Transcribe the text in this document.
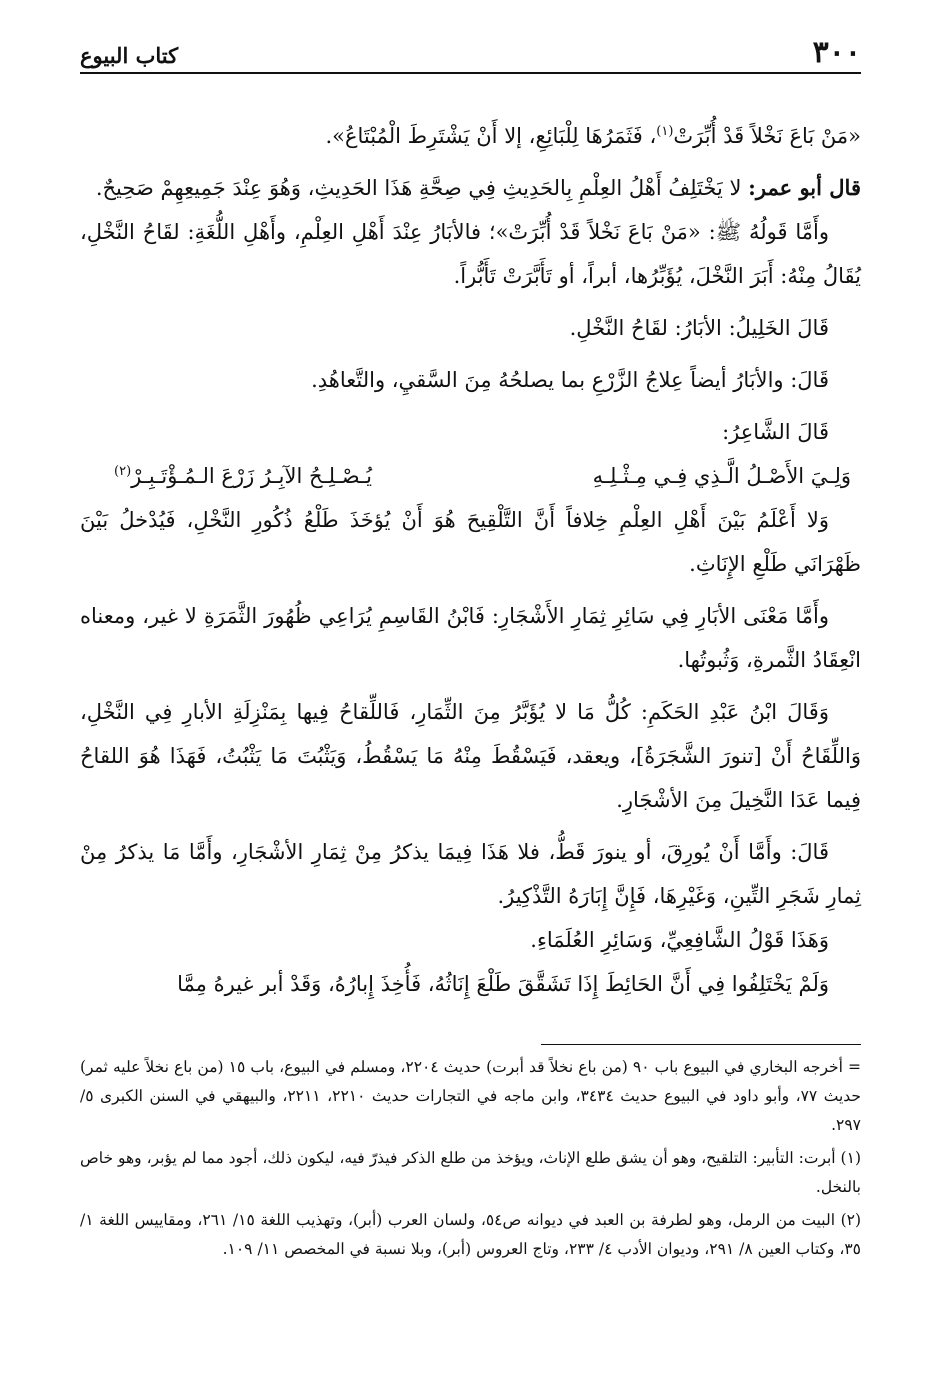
٣٠٠
كتاب البيوع

«مَنْ بَاعَ نَخْلاً قَدْ أُبِّرَتْ$^{(١)}$، فَثَمَرُهَا لِلْبَائِعِ، إلا أَنْ يَشْتَرِطَ الْمُبْتَاعُ».

قال أبو عمر: لا يَخْتَلِفُ أَهْلُ العِلْمِ بِالحَدِيثِ فِي صِحَّةِ هَذَا الحَدِيثِ، وَهُوَ عِنْدَ جَمِيعِهِمْ صَحِيحٌ.

وأَمَّا قَولُهُ ﷺ: «مَنْ بَاعَ نَخْلاً قَدْ أُبِّرَتْ»؛ فالأبَارُ عِنْدَ أَهْلِ العِلْمِ، وأَهْلِ اللُّغَةِ: لقَاحُ النَّخْلِ، يُقَالُ مِنْهُ: أَبَرَ النَّخْلَ، يُؤَبِّرُها، أبراً، أو تَأَبَّرَتْ تَأَبُّراً.

قَالَ الخَلِيلُ: الأبَارُ: لقَاحُ النَّخْلِ.

قَالَ: والأبَارُ أيضاً عِلاجُ الزَّرْعِ بما يصلحُهُ مِنَ السَّقيِ، والتَّعاهُدِ.

قَالَ الشَّاعِرُ:

وَلِـيَ الأَصْـلُ الَّـذِي فِـي مِـثْـلِـهِ
يُـصْـلِـحُ الآبِـرُ زَرْعَ الـمُـؤْتَـبِـرْ$^{(٢)}$

وَلا أَعْلَمُ بَيْنَ أَهْلِ العِلْمِ خِلافاً أَنَّ التَّلْقِيحَ هُوَ أَنْ يُؤخَذَ طَلْعُ ذُكُورِ النَّخْلِ، فَيُدْخلُ بَيْنَ ظَهْرَانَي طَلْعِ الإِنَاثِ.

وأَمَّا مَعْنَى الأبَارِ فِي سَائِرِ ثِمَارِ الأَشْجَارِ: فَابْنُ القَاسِمِ يُرَاعِي ظُهُورَ الثَّمَرَةِ لا غير، ومعناه انْعِقَادُ الثَّمرةِ، وَثُبوتُها.

وَقَالَ ابْنُ عَبْدِ الحَكَمِ: كُلُّ مَا لا يُؤَبَّرُ مِنَ الثِّمَارِ، فَاللِّقاحُ فِيها بِمَنْزِلَةِ الأبارِ فِي النَّخْلِ، وَاللِّقَاحُ أَنْ [تنورَ الشَّجَرَةُ]، ويعقد، فَيَسْقُطَ مِنْهُ مَا يَسْقُطُ، وَيَثْبُتَ مَا يَثْبُتُ، فَهَذَا هُوَ اللقاحُ فِيما عَدَا النَّخِيلَ مِنَ الأشْجَارِ.

قَالَ: وأَمَّا أَنْ يُورِقَ، أو ينورَ قَطُّ، فلا هَذَا فِيمَا يذكرُ مِنْ ثِمَارِ الأشْجَارِ، وأَمَّا مَا يذكرُ مِنْ ثِمارِ شَجَرِ التِّينِ، وَغَيْرِهَا، فَإِنَّ إِبَارَهُ التَّذْكِيرُ.

وَهَذَا قَوْلُ الشَّافِعِيِّ، وَسَائِرِ العُلَمَاءِ.

وَلَمْ يَخْتَلِفُوا فِي أَنَّ الحَائِطَ إِذَا تَشَقَّقَ طَلْعَ إِنَاثُهُ، فَأُخِذَ إِبارُهُ، وَقَدْ أبر غيرهُ مِمَّا

= أخرجه البخاري في البيوع باب ٩٠ (من باع نخلاً قد أبرت) حديث ٢٢٠٤، ومسلم في البيوع، باب ١٥ (من باع نخلاً عليه ثمر) حديث ٧٧، وأبو داود في البيوع حديث ٣٤٣٤، وابن ماجه في التجارات حديث ٢٢١٠، ٢٢١١، والبيهقي في السنن الكبرى ٥/ ٢٩٧.

(١) أبرت: التأبير: التلقيح، وهو أن يشق طلع الإناث، ويؤخذ من طلع الذكر فيذرّ فيه، ليكون ذلك، أجود مما لم يؤبر، وهو خاص بالنخل.

(٢) البيت من الرمل، وهو لطرفة بن العبد في ديوانه ص٥٤، ولسان العرب (أبر)، وتهذيب اللغة ١٥/ ٢٦١، ومقاييس اللغة ١/ ٣٥، وكتاب العين ٨/ ٢٩١، وديوان الأدب ٤/ ٢٣٣، وتاج العروس (أبر)، وبلا نسبة في المخصص ١١/ ١٠٩.
